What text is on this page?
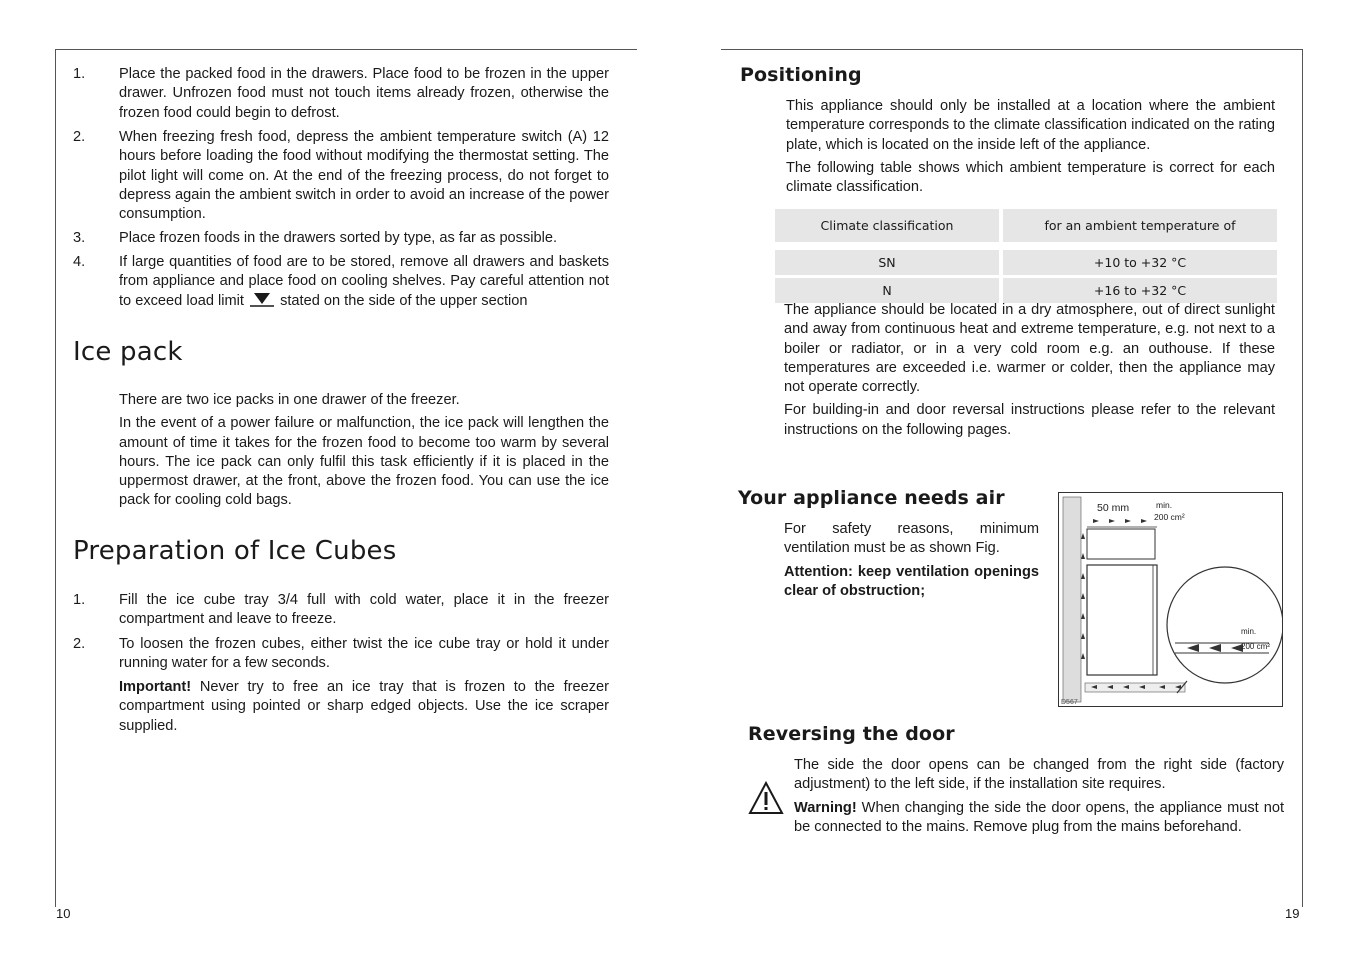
1.	Place the packed food in the drawers. Place food to be frozen in the upper drawer. Unfrozen food must not touch items already frozen, otherwise the frozen food could begin to defrost.

2.	When freezing fresh food, depress the ambient temperature switch (A) 12 hours before loading the food without modifying the thermostat setting. The pilot light will come on. At the end of the freezing process, do not forget to depress again the ambient switch in order to avoid an increase of the power consumption.

3.	Place frozen foods in the drawers sorted by type, as far as possible.

4.	If large quantities of food are to be stored, remove all drawers and baskets from appliance and place food on cooling shelves. Pay careful attention not to exceed load limit stated on the side of the upper section

Ice pack

There are two ice packs in one drawer of the freezer.

In the event of a power failure or malfunction, the ice pack will lengthen the amount of time it takes for the frozen food to become too warm by several hours. The ice pack can only fulfil this task efficiently if it is placed in the uppermost drawer, at the front, above the frozen food. You can use the ice pack for cooling cold bags.

Preparation of Ice Cubes
1.	Fill the ice cube tray 3/4 full with cold water, place it in the freezer compartment and leave to freeze.

2.	To loosen the frozen cubes, either twist the ice cube tray or hold it under running water for a few seconds.

Important! Never try to free an ice tray that is frozen to the freezer compartment using pointed or sharp edged objects. Use the ice scraper supplied.

10
Positioning

This appliance should only be installed at a location where the ambient temperature corresponds to the climate classification indicated on the rating plate, which is located on the inside left of the appliance.

The following table shows which ambient temperature is correct for each climate classification.

Climate classification	for an ambient temperature of

SN	+10 to +32 °C

N	+16 to +32 °C

The appliance should be located in a dry atmosphere, out of direct sunlight and away from continuous heat and extreme temperature, e.g. not next to a boiler or radiator, or in a very cold room e.g. an outhouse. If these temperatures are exceeded i.e. warmer or colder, then the appliance may not operate correctly.

For building-in and door reversal instructions please refer to the relevant instructions on the following pages.

Your appliance needs air

For safety reasons, minimum ventilation must be as shown Fig.

Attention: keep ventilation openings clear of obstruction;

50 mm	min.
200 cm²
min.
200 cm²
D567
Reversing the door

The side the door opens can be changed from the right side (factory adjustment) to the left side, if the installation site requires.

Warning! When changing the side the door opens, the appliance must not be connected to the mains. Remove plug from the mains beforehand.

19
